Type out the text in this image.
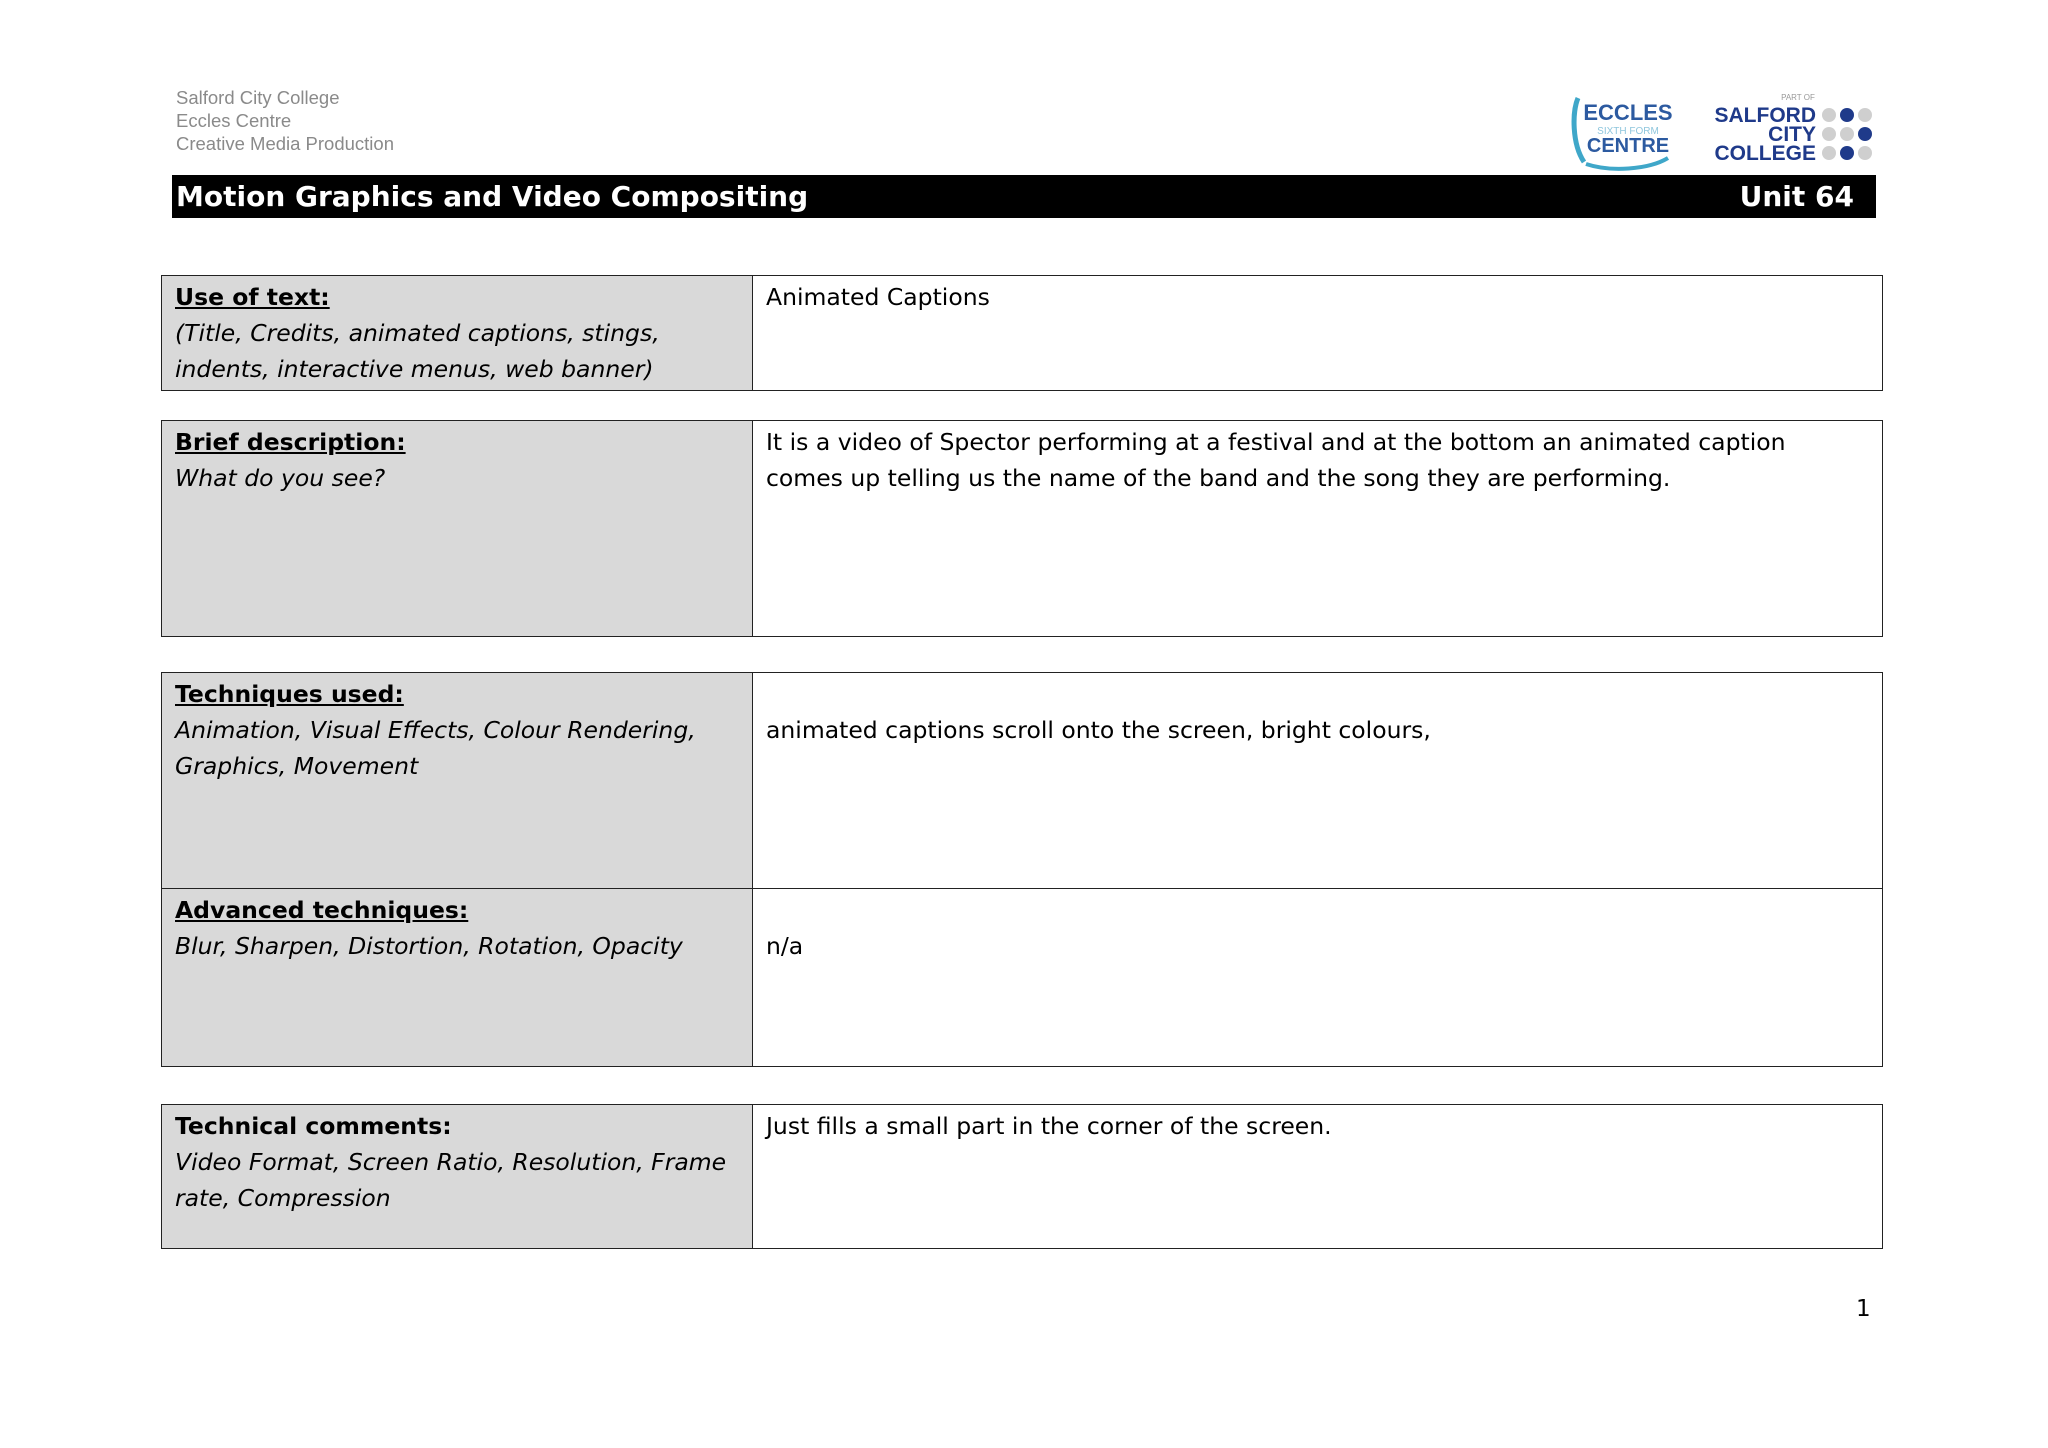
Salford City College
Eccles Centre
Creative Media Production
ECCLES
SIXTH FORM
CENTRE
PART OF
SALFORD
CITY
COLLEGE
Motion Graphics and Video Compositing	Unit 64
Use of text:
(Title, Credits, animated captions, stings, indents, interactive menus, web banner)	Animated Captions
Brief description:
What do you see?	It is a video of Spector performing at a festival and at the bottom an animated caption comes up telling us the name of the band and the song they are performing.
Techniques used:
Animation, Visual Effects, Colour Rendering, Graphics, Movement	animated captions scroll onto the screen, bright colours,

Advanced techniques:
Blur, Sharpen, Distortion, Rotation, Opacity	n/a
Technical comments:
Video Format, Screen Ratio, Resolution, Frame rate, Compression	Just fills a small part in the corner of the screen.
1
